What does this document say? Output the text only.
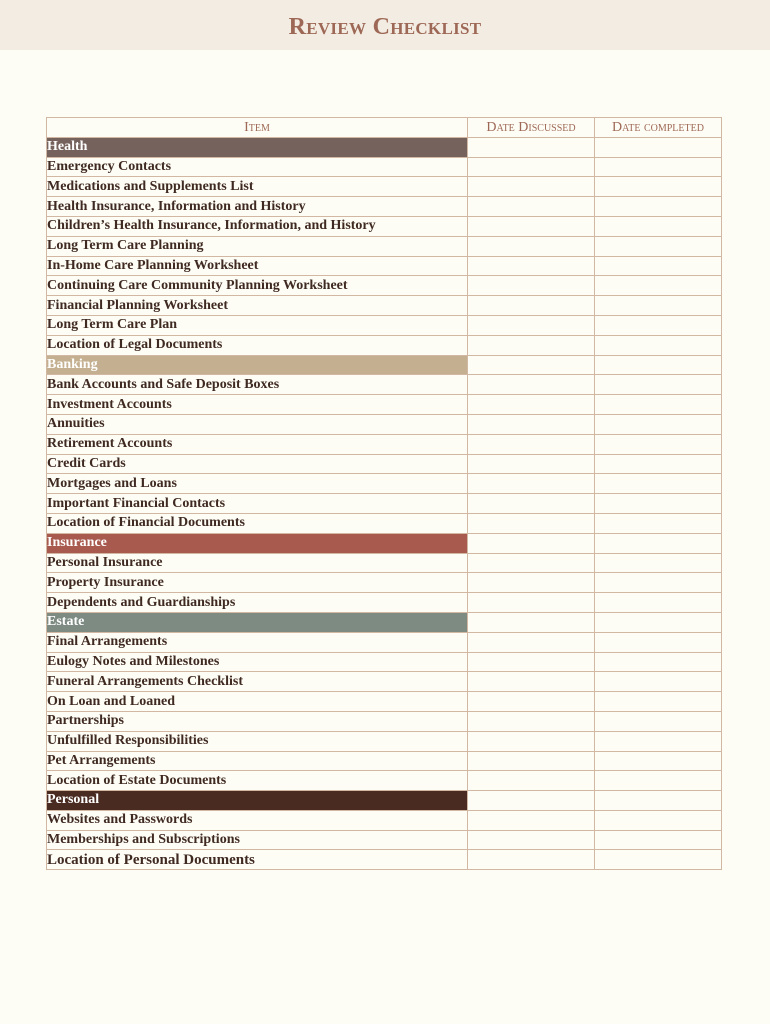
Review Checklist
Item	Date Discussed	Date completed
Health		
Emergency Contacts		
Medications and Supplements List		
Health Insurance, Information and History		
Children’s Health Insurance, Information, and History		
Long Term Care Planning		
In-Home Care Planning Worksheet		
Continuing Care Community Planning Worksheet		
Financial Planning Worksheet		
Long Term Care Plan		
Location of Legal Documents		
Banking		
Bank Accounts and Safe Deposit Boxes		
Investment Accounts		
Annuities		
Retirement Accounts		
Credit Cards		
Mortgages and Loans		
Important Financial Contacts		
Location of Financial Documents		
Insurance		
Personal Insurance		
Property Insurance		
Dependents and Guardianships		
Estate		
Final Arrangements		
Eulogy Notes and Milestones		
Funeral Arrangements Checklist		
On Loan and Loaned		
Partnerships		
Unfulfilled Responsibilities		
Pet Arrangements		
Location of Estate Documents		
Personal		
Websites and Passwords		
Memberships and Subscriptions		
Location of Personal Documents		
